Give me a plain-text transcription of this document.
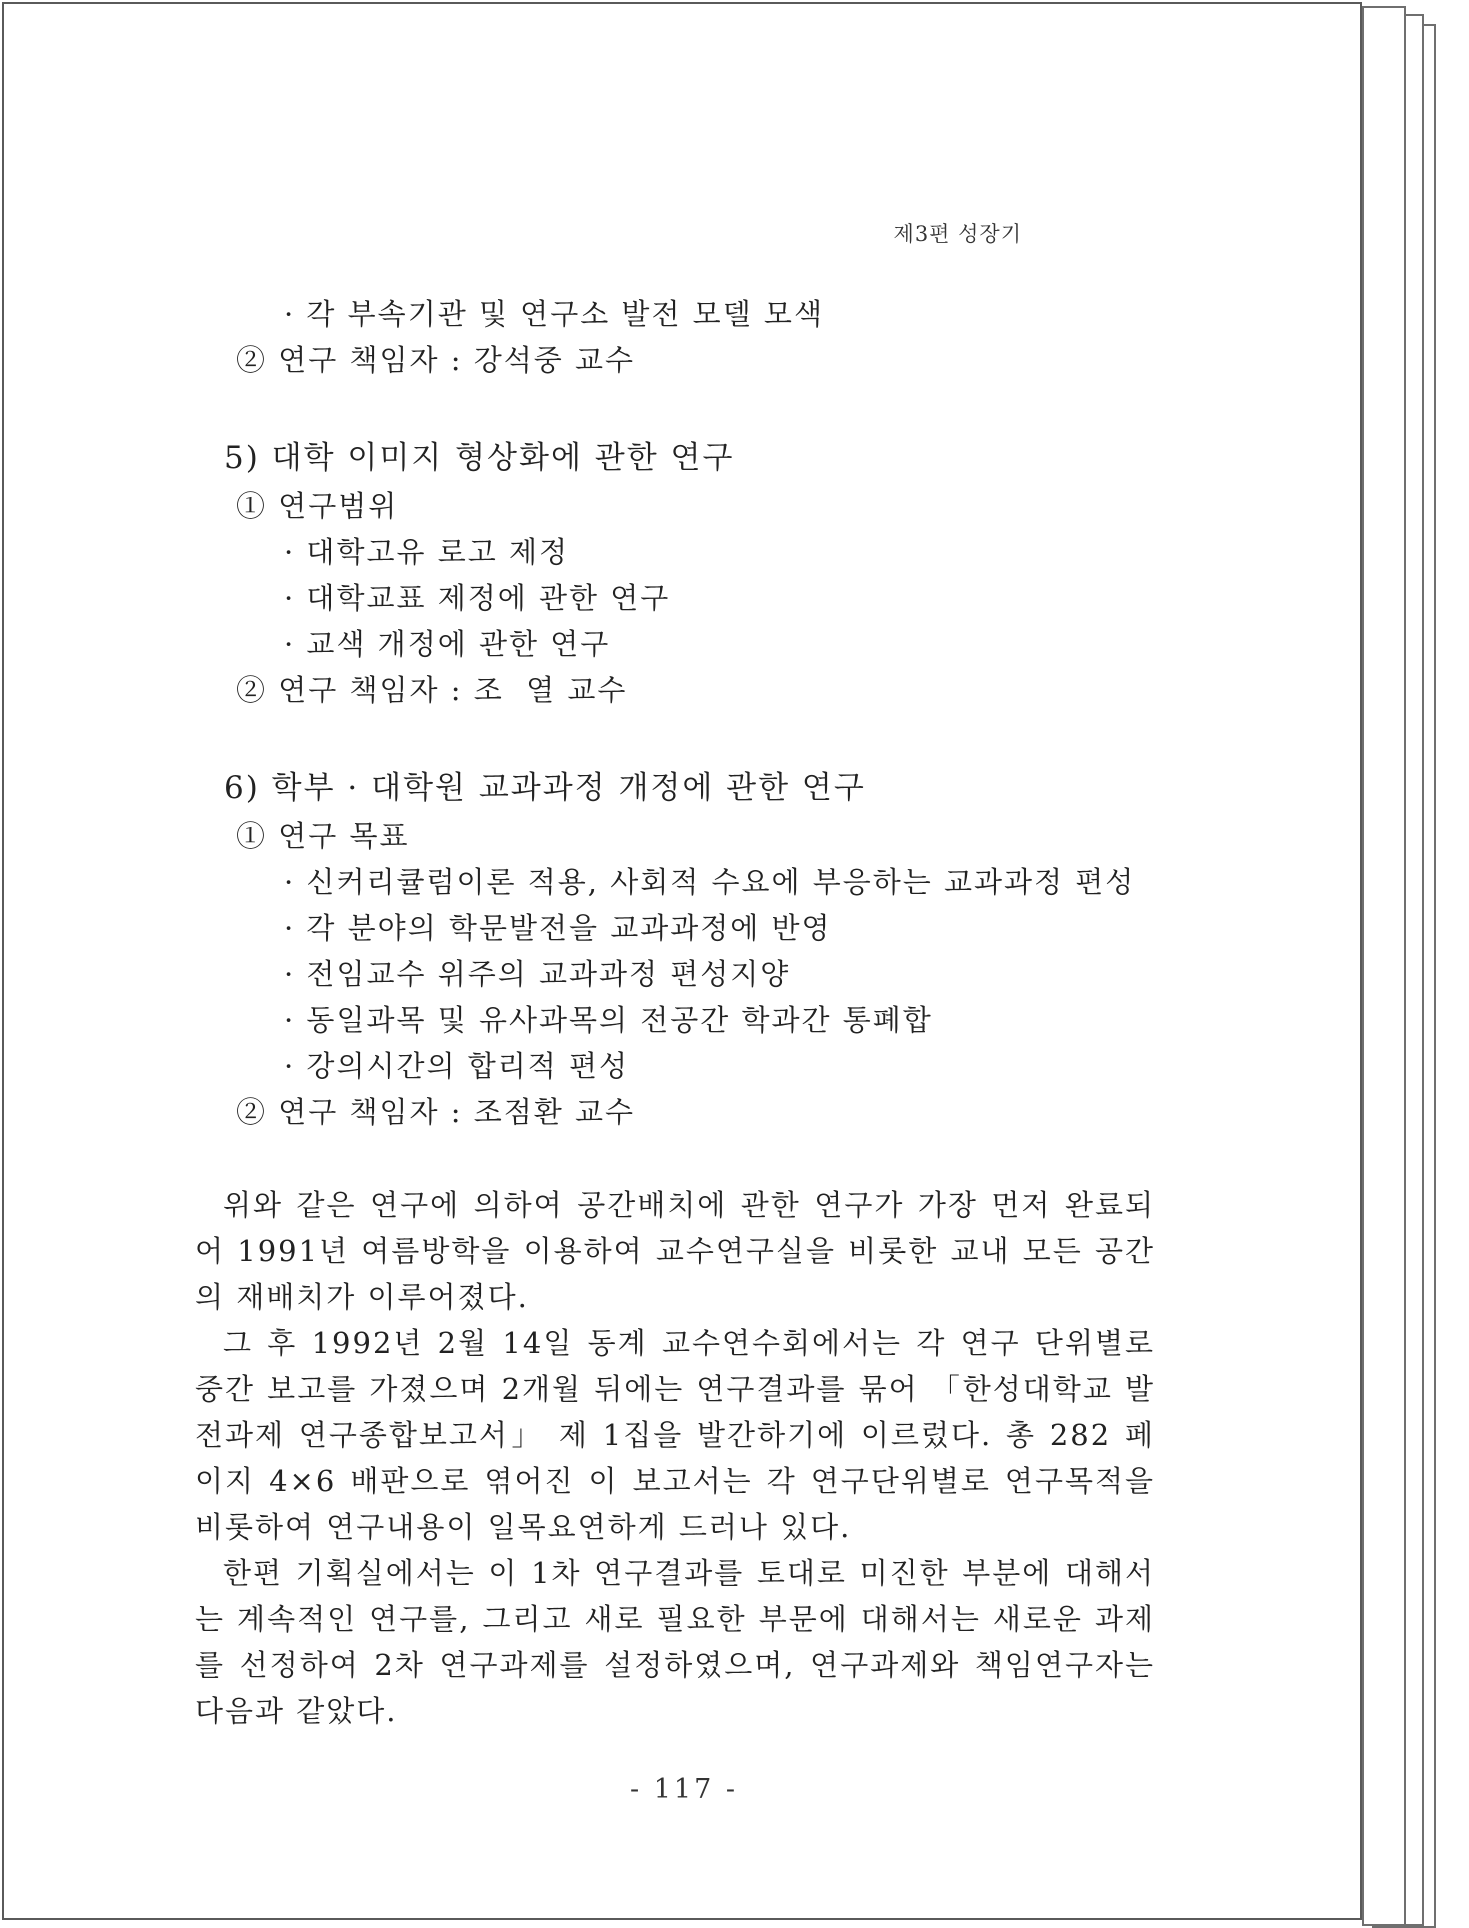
제3편 성장기
· 각 부속기관 및 연구소 발전 모델 모색
② 연구 책임자 : 강석중 교수
5) 대학 이미지 형상화에 관한 연구
① 연구범위
· 대학고유 로고 제정
· 대학교표 제정에 관한 연구
· 교색 개정에 관한 연구
② 연구 책임자 : 조  열 교수
6) 학부 · 대학원 교과과정 개정에 관한 연구
① 연구 목표
· 신커리큘럼이론 적용, 사회적 수요에 부응하는 교과과정 편성
· 각 분야의 학문발전을 교과과정에 반영
· 전임교수 위주의 교과과정 편성지양
· 동일과목 및 유사과목의 전공간 학과간 통폐합
· 강의시간의 합리적 편성
② 연구 책임자 : 조점환 교수

위와 같은 연구에 의하여 공간배치에 관한 연구가 가장 먼저 완료되어 1991년 여름방학을 이용하여 교수연구실을 비롯한 교내 모든 공간의 재배치가 이루어졌다.

그 후 1992년 2월 14일 동계 교수연수회에서는 각 연구 단위별로 중간 보고를 가졌으며 2개월 뒤에는 연구결과를 묶어 「한성대학교 발전과제 연구종합보고서」 제 1집을 발간하기에 이르렀다. 총 282 페이지 4×6 배판으로 엮어진 이 보고서는 각 연구단위별로 연구목적을 비롯하여 연구내용이 일목요연하게 드러나 있다.

한편 기획실에서는 이 1차 연구결과를 토대로 미진한 부분에 대해서는 계속적인 연구를, 그리고 새로 필요한 부문에 대해서는 새로운 과제를 선정하여 2차 연구과제를 설정하였으며, 연구과제와 책임연구자는 다음과 같았다.

- 117 -
